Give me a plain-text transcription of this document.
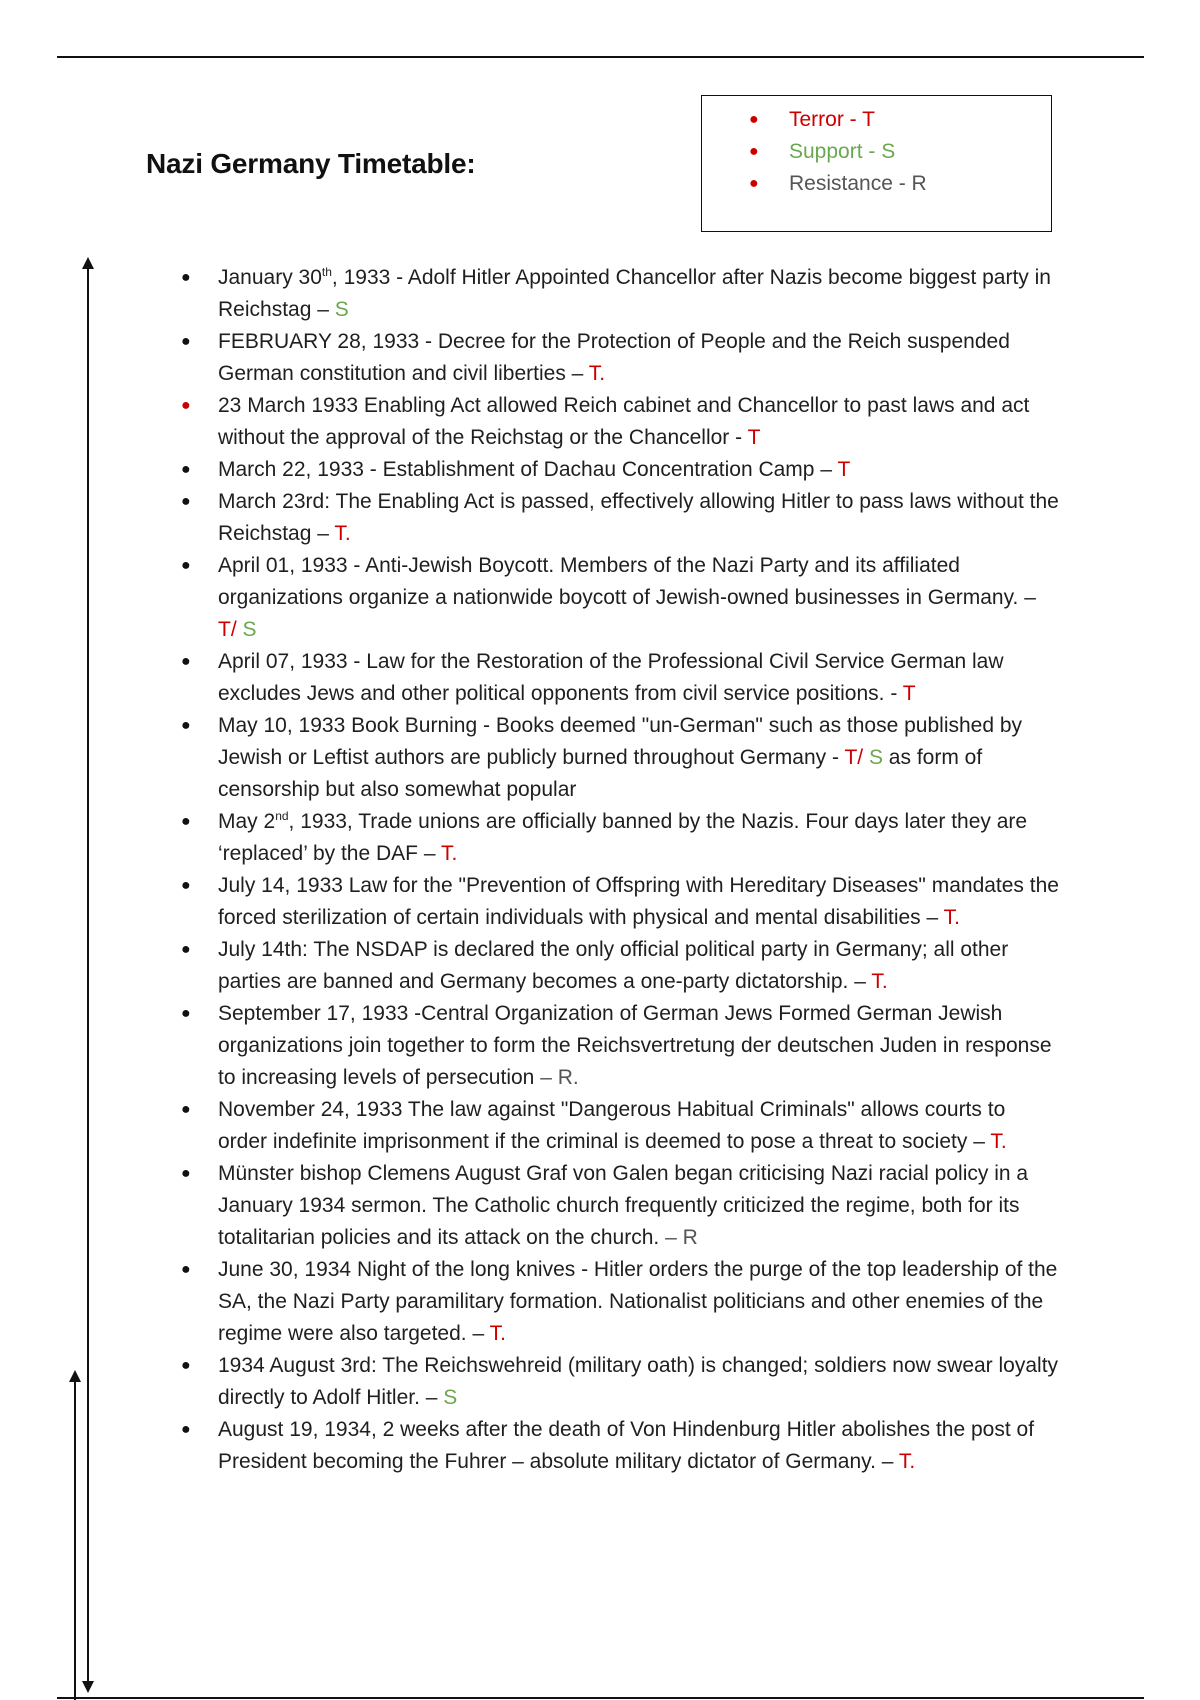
Nazi Germany Timetable:
● Terror - T
● Support - S
● Resistance - R
● January 30th, 1933 - Adolf Hitler Appointed Chancellor after Nazis become biggest party in Reichstag – S
● FEBRUARY 28, 1933 - Decree for the Protection of People and the Reich suspended German constitution and civil liberties – T.
● 23 March 1933 Enabling Act allowed Reich cabinet and Chancellor to past laws and act without the approval of the Reichstag or the Chancellor - T
● March 22, 1933 - Establishment of Dachau Concentration Camp – T
● March 23rd: The Enabling Act is passed, effectively allowing Hitler to pass laws without the Reichstag – T.
● April 01, 1933 - Anti-Jewish Boycott. Members of the Nazi Party and its affiliated organizations organize a nationwide boycott of Jewish-owned businesses in Germany. – T/ S
● April 07, 1933 - Law for the Restoration of the Professional Civil Service German law excludes Jews and other political opponents from civil service positions. - T
● May 10, 1933 Book Burning - Books deemed "un-German" such as those published by Jewish or Leftist authors are publicly burned throughout Germany - T/ S as form of censorship but also somewhat popular
● May 2nd, 1933, Trade unions are officially banned by the Nazis. Four days later they are ‘replaced’ by the DAF – T.
● July 14, 1933 Law for the "Prevention of Offspring with Hereditary Diseases" mandates the forced sterilization of certain individuals with physical and mental disabilities – T.
● July 14th: The NSDAP is declared the only official political party in Germany; all other parties are banned and Germany becomes a one-party dictatorship. – T.
● September 17, 1933 -Central Organization of German Jews Formed German Jewish organizations join together to form the Reichsvertretung der deutschen Juden in response to increasing levels of persecution – R.
● November 24, 1933 The law against "Dangerous Habitual Criminals" allows courts to order indefinite imprisonment if the criminal is deemed to pose a threat to society – T.
● Münster bishop Clemens August Graf von Galen began criticising Nazi racial policy in a January 1934 sermon. The Catholic church frequently criticized the regime, both for its totalitarian policies and its attack on the church. – R
● June 30, 1934 Night of the long knives - Hitler orders the purge of the top leadership of the SA, the Nazi Party paramilitary formation. Nationalist politicians and other enemies of the regime were also targeted. – T.
● 1934 August 3rd: The Reichswehreid (military oath) is changed; soldiers now swear loyalty directly to Adolf Hitler. – S
● August 19, 1934, 2 weeks after the death of Von Hindenburg Hitler abolishes the post of President becoming the Fuhrer – absolute military dictator of Germany. – T.
